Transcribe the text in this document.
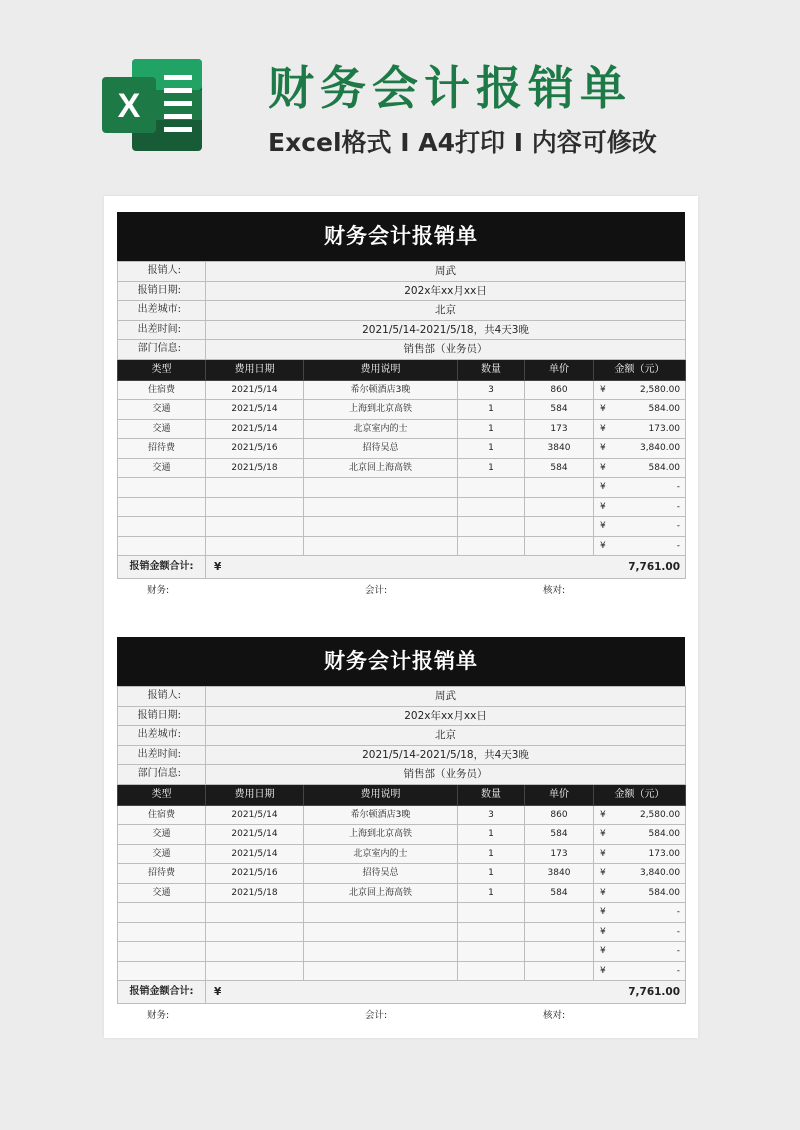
X	财务会计报销单
Excel格式 I A4打印 I 内容可修改
财务会计报销单
报销人:	周武				
报销日期:	202x年xx月xx日				
出差城市:	北京				
出差时间:	2021/5/14-2021/5/18，共4天3晚				
部门信息:	销售部（业务员）				
类型	费用日期	费用说明	数量	单价	金额（元）
住宿费	2021/5/14	希尔顿酒店3晚	3	860	¥ 2,580.00
交通	2021/5/14	上海到北京高铁	1	584	¥ 584.00
交通	2021/5/14	北京室内的士	1	173	¥ 173.00
招待费	2021/5/16	招待吴总	1	3840	¥ 3,840.00
交通	2021/5/18	北京回上海高铁	1	584	¥ 584.00

					¥ -

					¥ -

					¥ -

					¥ -
报销金额合计:	¥ 7,761.00				
财务:	会计:	核对:
财务会计报销单
报销人:	周武				
报销日期:	202x年xx月xx日				
出差城市:	北京				
出差时间:	2021/5/14-2021/5/18，共4天3晚				
部门信息:	销售部（业务员）				
类型	费用日期	费用说明	数量	单价	金额（元）
住宿费	2021/5/14	希尔顿酒店3晚	3	860	¥ 2,580.00
交通	2021/5/14	上海到北京高铁	1	584	¥ 584.00
交通	2021/5/14	北京室内的士	1	173	¥ 173.00
招待费	2021/5/16	招待吴总	1	3840	¥ 3,840.00
交通	2021/5/18	北京回上海高铁	1	584	¥ 584.00

					¥ -

					¥ -

					¥ -

					¥ -
报销金额合计:	¥ 7,761.00				
财务:	会计:	核对:
